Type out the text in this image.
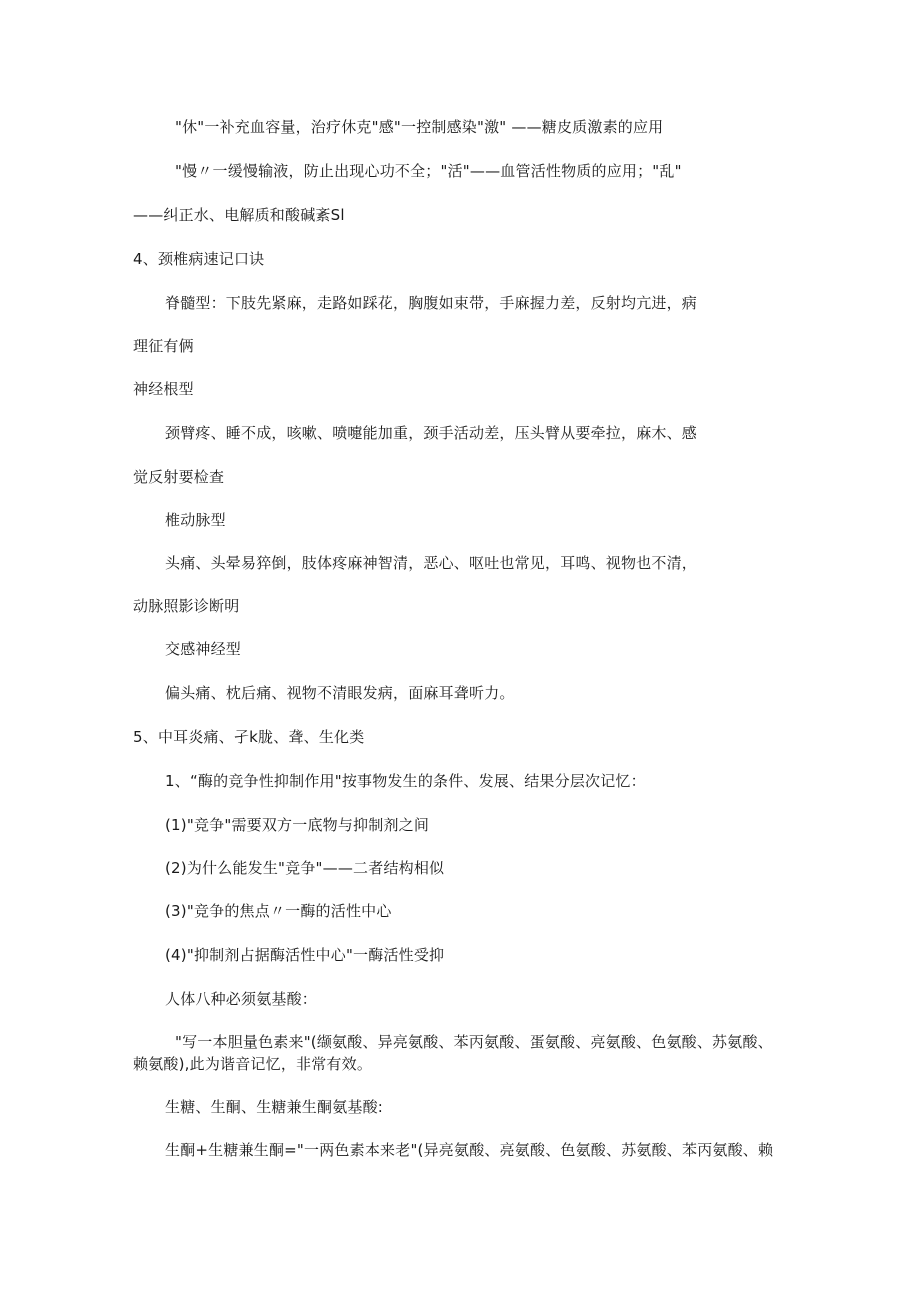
"休"一补充血容量，治疗休克"感"一控制感染"激" ——糖皮质激素的应用
"慢〃一缓慢输液，防止出现心功不全；"活"——血管活性物质的应用；"乱"
——纠正水、电解质和酸碱紊Sl
4、颈椎病速记口诀
脊髓型：下肢先紧麻，走路如踩花，胸腹如束带，手麻握力差，反射均亢进，病
理征有俩
神经根型
颈臂疼、睡不成，咳嗽、喷嚏能加重，颈手活动差，压头臂从要牵拉，麻木、感
觉反射要检查
椎动脉型
头痛、头晕易猝倒，肢体疼麻神智清，恶心、呕吐也常见，耳鸣、视物也不清，
动脉照影诊断明
交感神经型
偏头痛、枕后痛、视物不清眼发病，面麻耳聋听力。
5、中耳炎痛、孑k胧、聋、生化类
1、“酶的竞争性抑制作用"按事物发生的条件、发展、结果分层次记忆：
(1)"竞争"需要双方一底物与抑制剂之间
(2)为什么能发生"竞争"——二者结构相似
(3)"竞争的焦点〃一酶的活性中心
(4)"抑制剂占据酶活性中心"一酶活性受抑
人体八种必须氨基酸：
"写一本胆量色素来"(缬氨酸、异亮氨酸、苯丙氨酸、蛋氨酸、亮氨酸、色氨酸、苏氨酸、
赖氨酸),此为谐音记忆，非常有效。
生糖、生酮、生糖兼生酮氨基酸:
生酮+生糖兼生酮="一两色素本来老"(异亮氨酸、亮氨酸、色氨酸、苏氨酸、苯丙氨酸、赖
